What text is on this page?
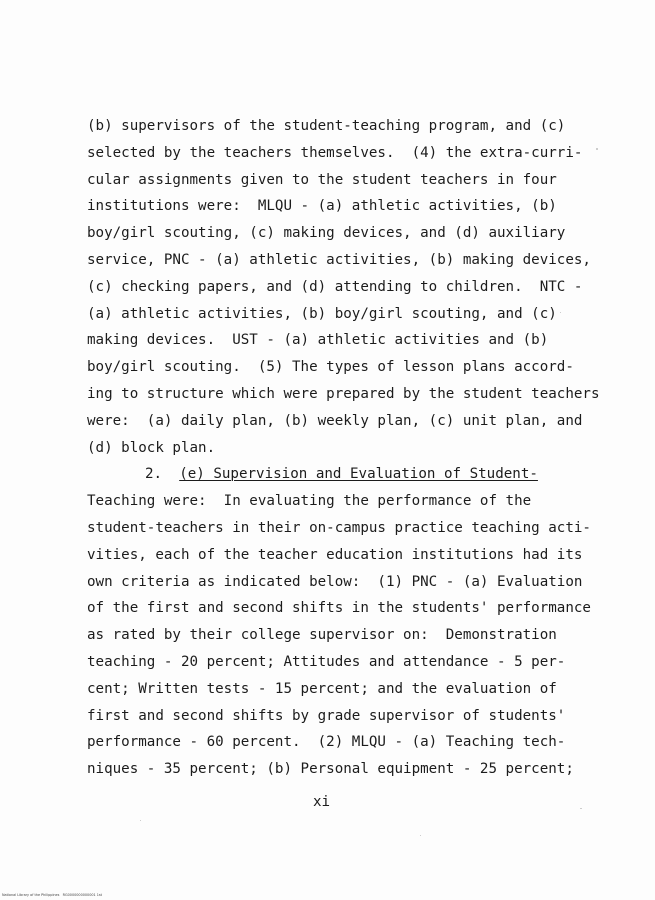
(b) supervisors of the student-teaching program, and (c)
selected by the teachers themselves.  (4) the extra-curri-
cular assignments given to the student teachers in four
institutions were:  MLQU - (a) athletic activities, (b)
boy/girl scouting, (c) making devices, and (d) auxiliary
service, PNC - (a) athletic activities, (b) making devices,
(c) checking papers, and (d) attending to children.  NTC -
(a) athletic activities, (b) boy/girl scouting, and (c)
making devices.  UST - (a) athletic activities and (b)
boy/girl scouting.  (5) The types of lesson plans accord-
ing to structure which were prepared by the student teachers
were:  (a) daily plan, (b) weekly plan, (c) unit plan, and
(d) block plan.
2. (e) Supervision and Evaluation of Student-
Teaching were:  In evaluating the performance of the
student-teachers in their on-campus practice teaching acti-
vities, each of the teacher education institutions had its
own criteria as indicated below:  (1) PNC - (a) Evaluation
of the first and second shifts in the students' performance
as rated by their college supervisor on:  Demonstration
teaching - 20 percent; Attitudes and attendance - 5 per-
cent; Written tests - 15 percent; and the evaluation of
first and second shifts by grade supervisor of students'
performance - 60 percent.  (2) MLQU - (a) Teaching tech-
niques - 35 percent; (b) Personal equipment - 25 percent;
xi
National Library of the Philippines RG0000000000001 1st
